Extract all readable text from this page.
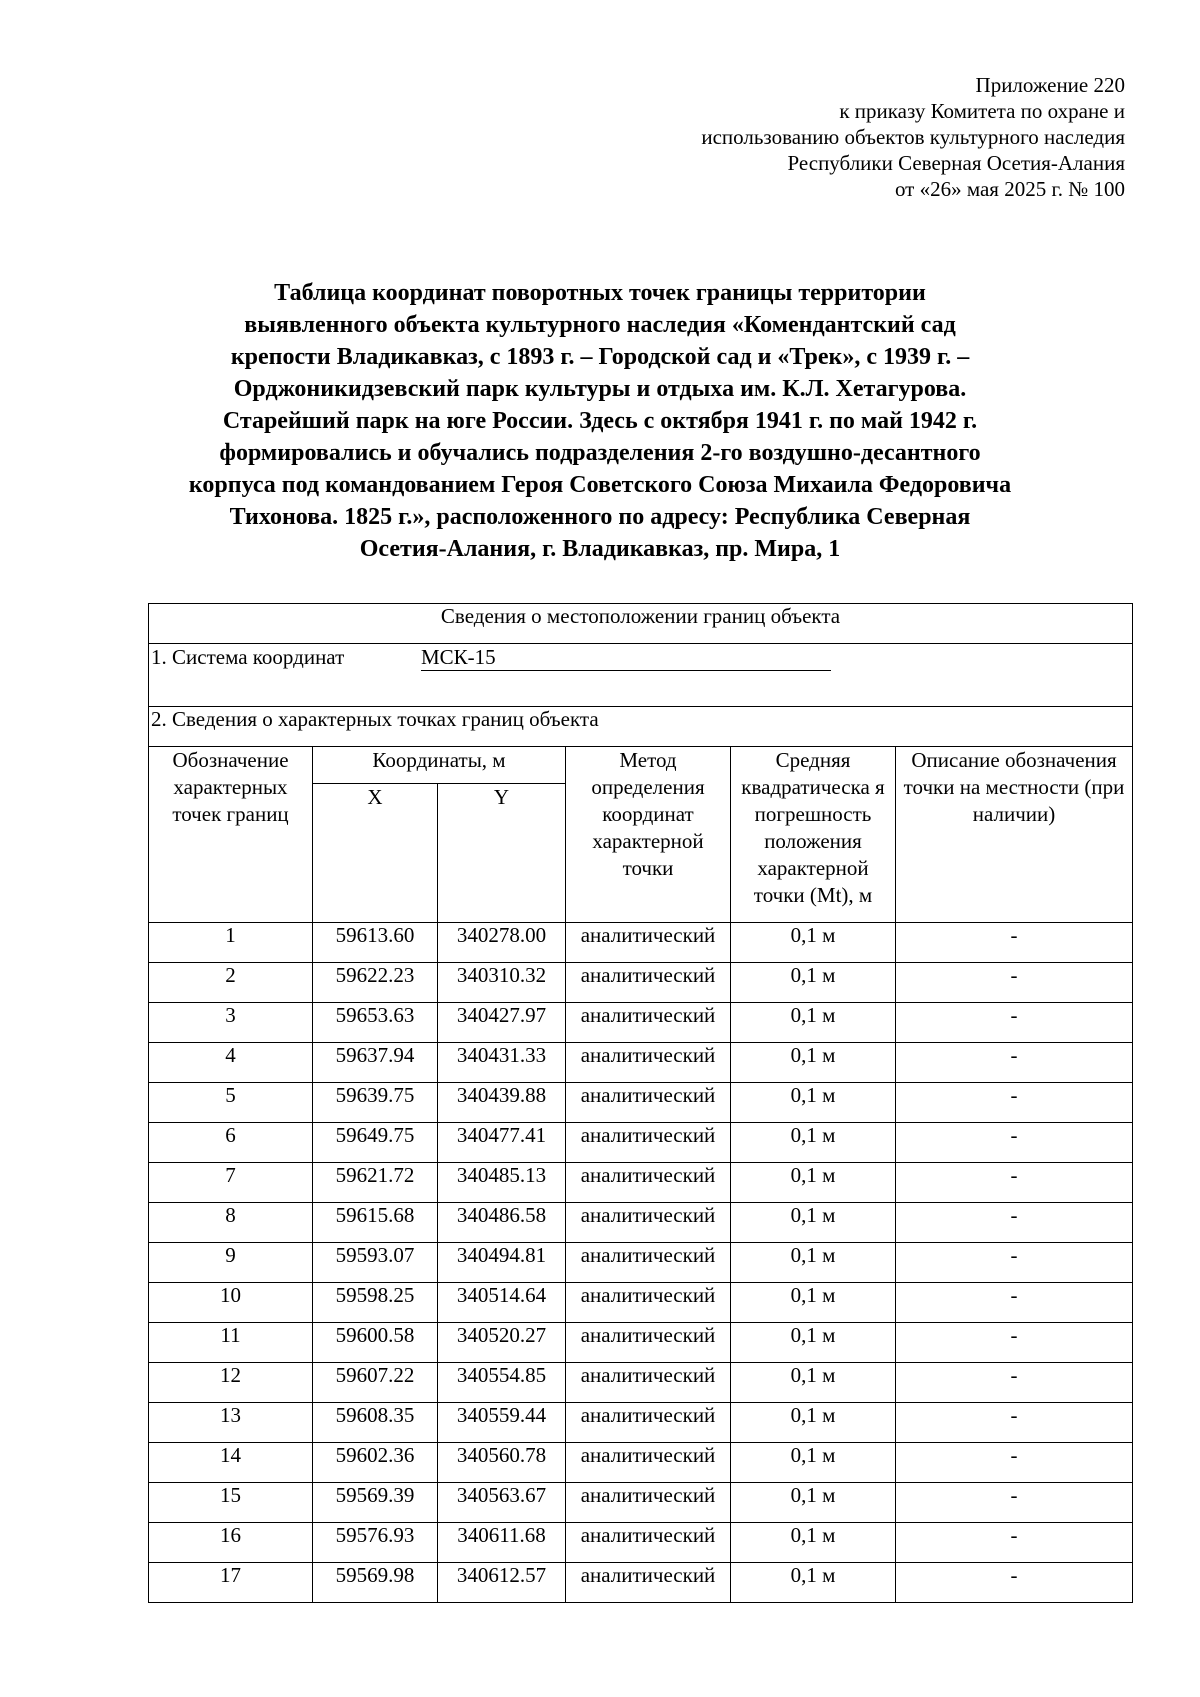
Приложение 220
к приказу Комитета по охране и
использованию объектов культурного наследия
Республики Северная Осетия-Алания
от «26» мая 2025 г. № 100
Таблица координат поворотных точек границы территории
выявленного объекта культурного наследия «Комендантский сад
крепости Владикавказ, с 1893 г. – Городской сад и «Трек», с 1939 г. –
Орджоникидзевский парк культуры и отдыха им. К.Л. Хетагурова.
Старейший парк на юге России. Здесь с октября 1941 г. по май 1942 г.
формировались и обучались подразделения 2-го воздушно-десантного
корпуса под командованием Героя Советского Союза Михаила Федоровича
Тихонова. 1825 г.», расположенного по адресу: Республика Северная
Осетия-Алания, г. Владикавказ, пр. Мира, 1
Сведения о местоположении границ объекта					
1. Система координат МСК-15					
2. Сведения о характерных точках границ объекта					
Обозначение характерных точек границ	Координаты, м		Метод определения координат характерной точки	Средняя квадратическа я погрешность положения характерной точки (Mt), м	Описание обозначения точки на местности (при наличии)
	X	Y			
1	59613.60	340278.00	аналитический	0,1 м	-
2	59622.23	340310.32	аналитический	0,1 м	-
3	59653.63	340427.97	аналитический	0,1 м	-
4	59637.94	340431.33	аналитический	0,1 м	-
5	59639.75	340439.88	аналитический	0,1 м	-
6	59649.75	340477.41	аналитический	0,1 м	-
7	59621.72	340485.13	аналитический	0,1 м	-
8	59615.68	340486.58	аналитический	0,1 м	-
9	59593.07	340494.81	аналитический	0,1 м	-
10	59598.25	340514.64	аналитический	0,1 м	-
11	59600.58	340520.27	аналитический	0,1 м	-
12	59607.22	340554.85	аналитический	0,1 м	-
13	59608.35	340559.44	аналитический	0,1 м	-
14	59602.36	340560.78	аналитический	0,1 м	-
15	59569.39	340563.67	аналитический	0,1 м	-
16	59576.93	340611.68	аналитический	0,1 м	-
17	59569.98	340612.57	аналитический	0,1 м	-
